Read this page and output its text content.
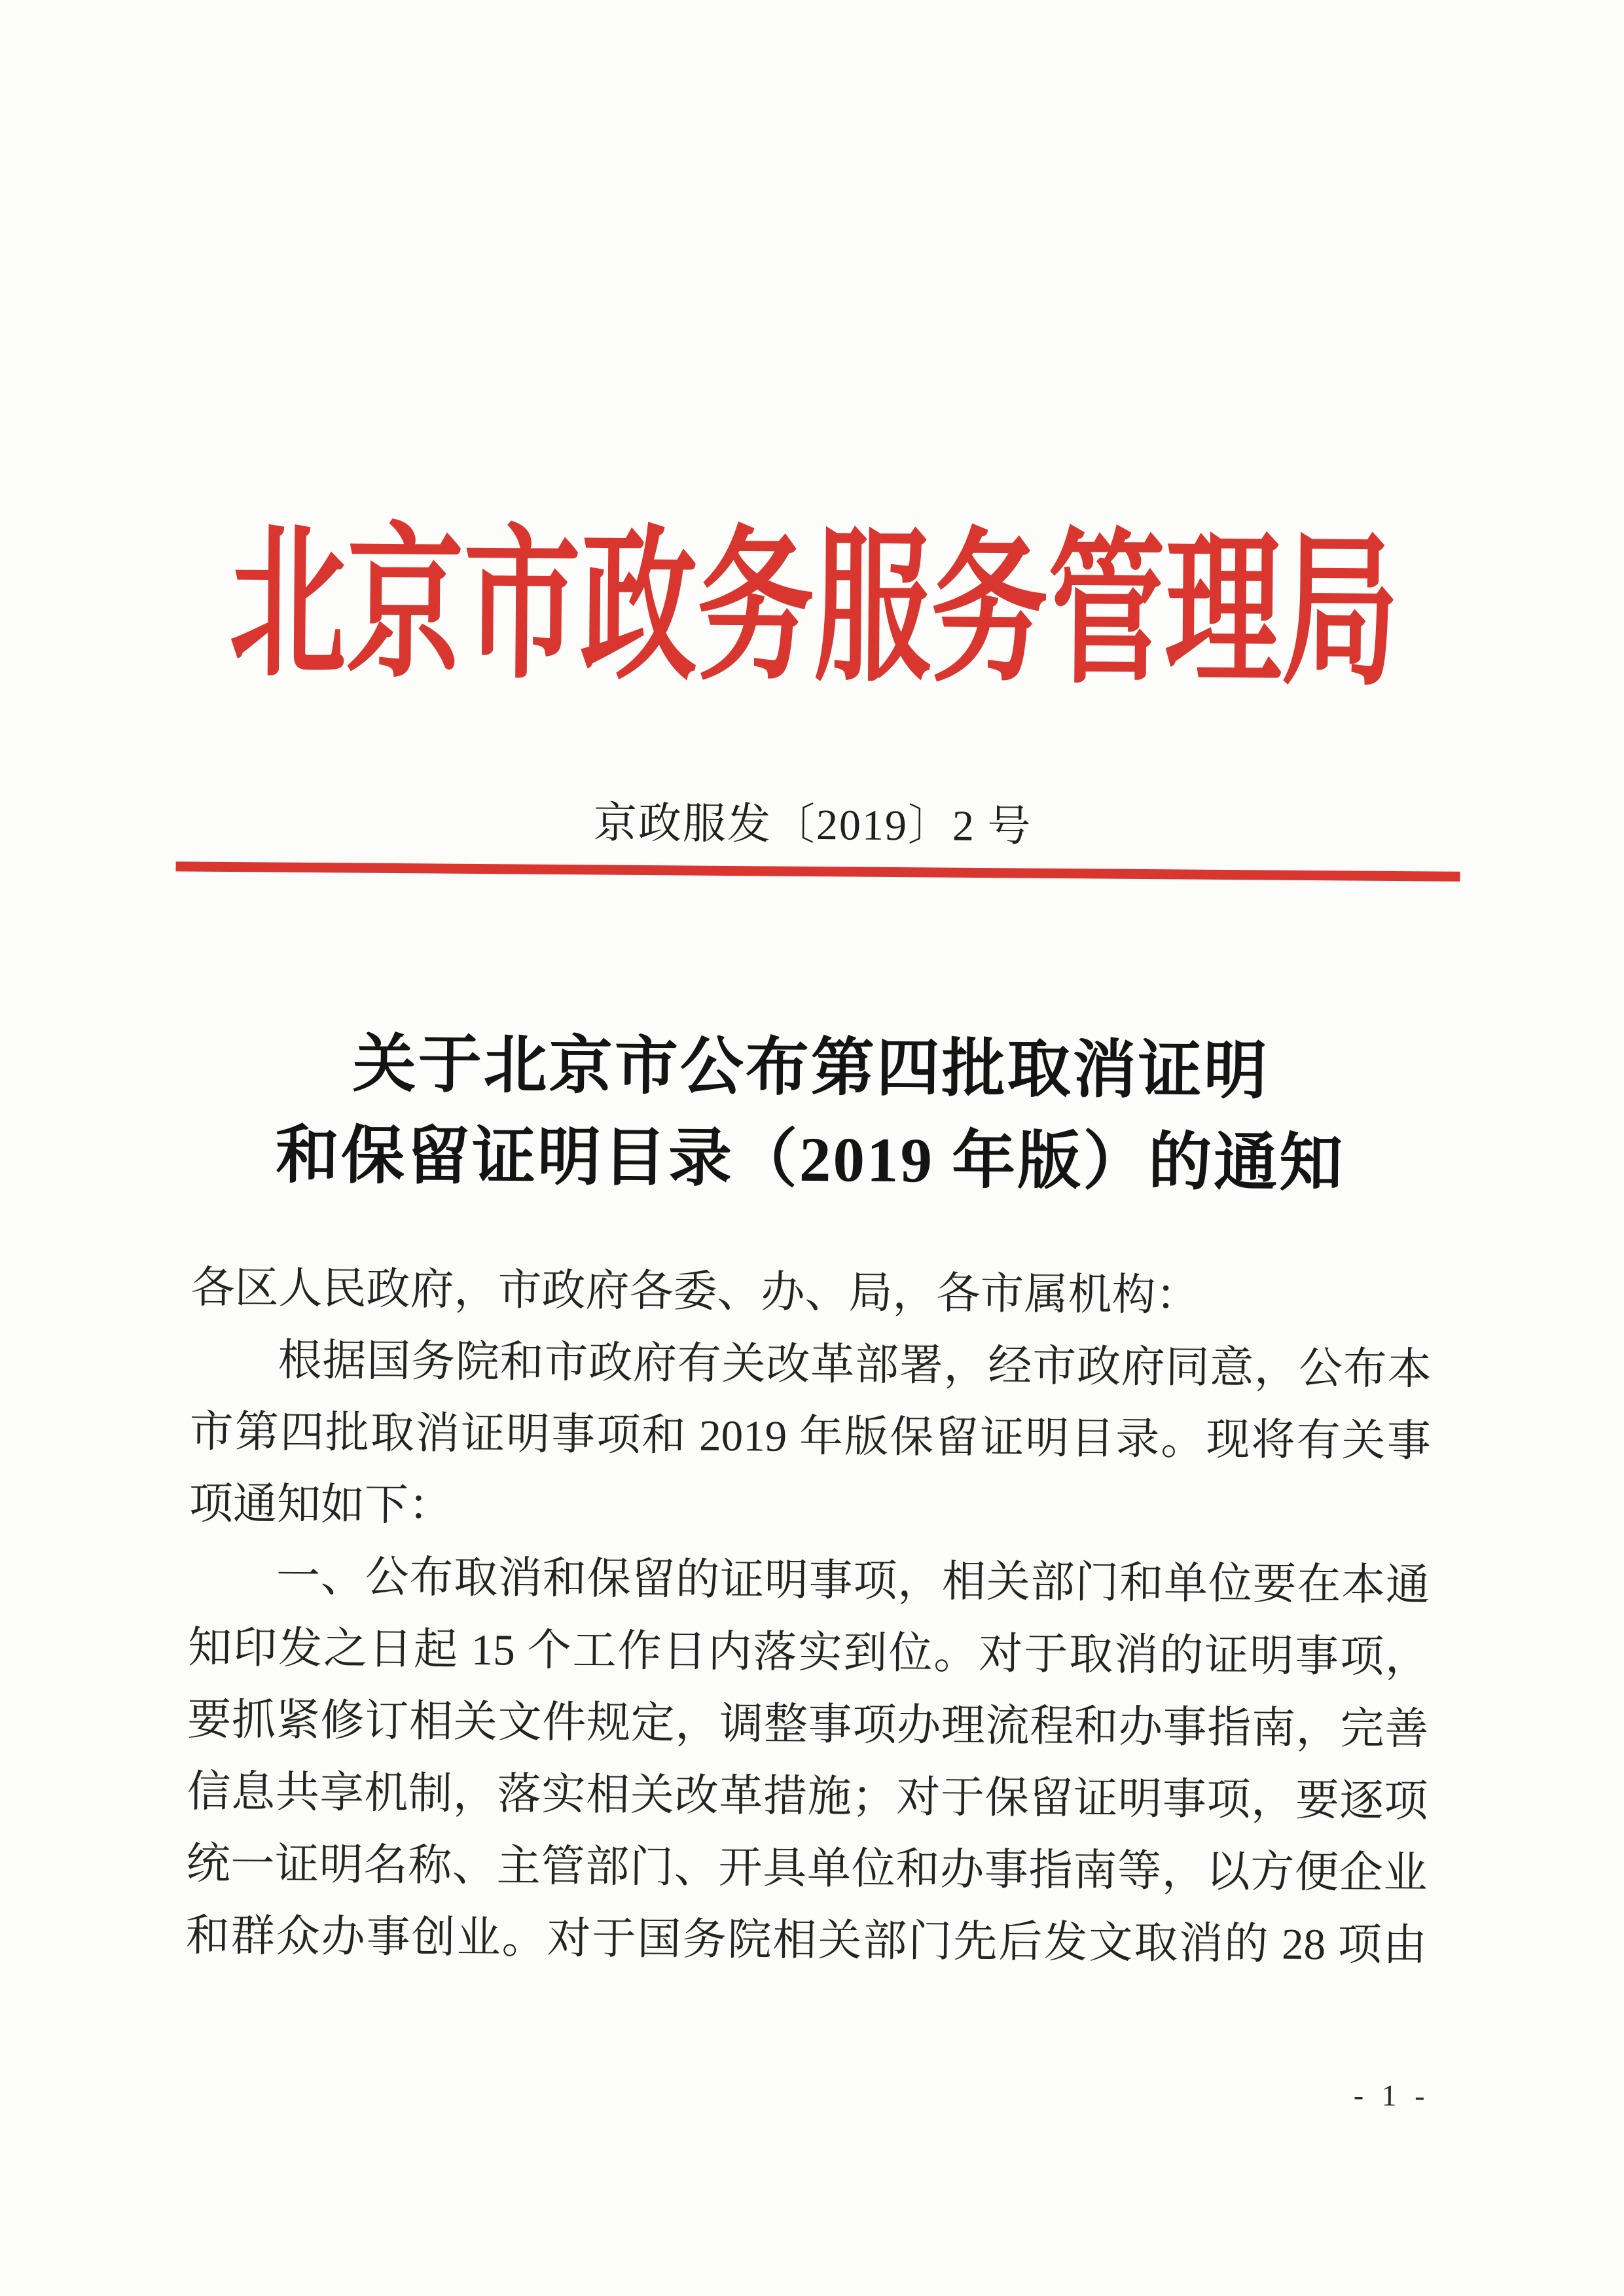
北京市政务服务管理局
京政服发〔2019〕2 号
关于北京市公布第四批取消证明
和保留证明目录（2019 年版）的通知
各区人民政府，市政府各委、办、局，各市属机构：
根据国务院和市政府有关改革部署，经市政府同意，公布本
市第四批取消证明事项和 2019 年版保留证明目录。现将有关事
项通知如下：
一、公布取消和保留的证明事项，相关部门和单位要在本通
知印发之日起 15 个工作日内落实到位。对于取消的证明事项，
要抓紧修订相关文件规定，调整事项办理流程和办事指南，完善
信息共享机制，落实相关改革措施；对于保留证明事项，要逐项
统一证明名称、主管部门、开具单位和办事指南等，以方便企业
和群众办事创业。对于国务院相关部门先后发文取消的 28 项由
- 1 -
